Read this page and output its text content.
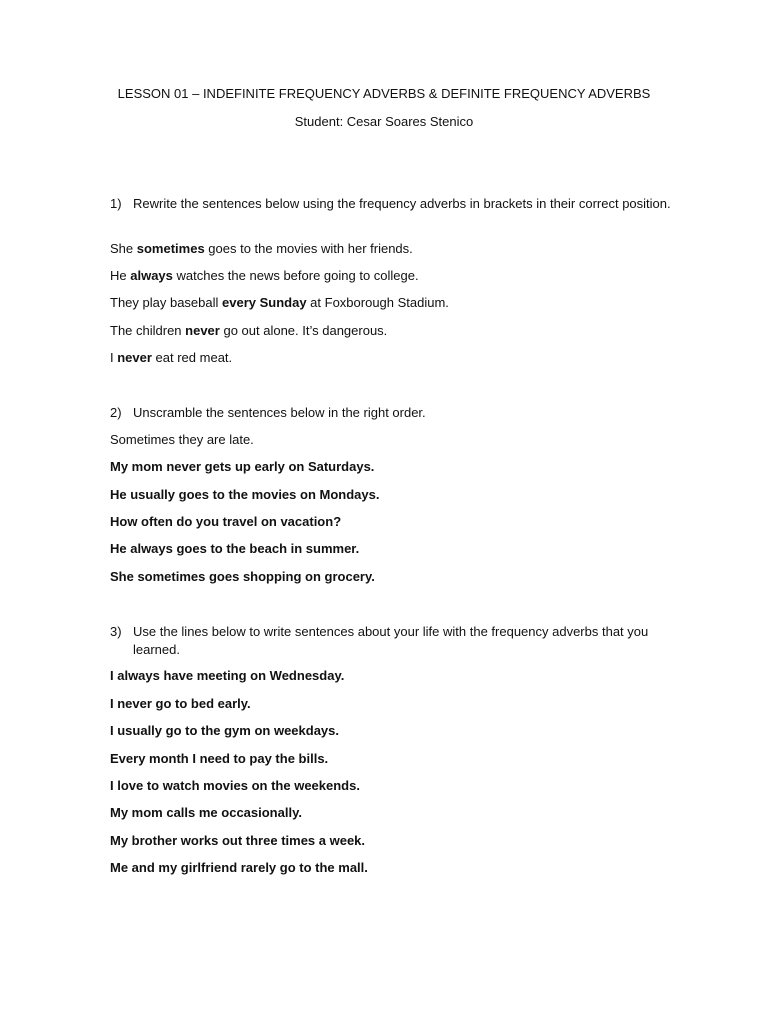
LESSON 01 – INDEFINITE FREQUENCY ADVERBS & DEFINITE FREQUENCY ADVERBS
Student: Cesar Soares Stenico
1) Rewrite the sentences below using the frequency adverbs in brackets in their correct position.
She sometimes goes to the movies with her friends.
He always watches the news before going to college.
They play baseball every Sunday at Foxborough Stadium.
The children never go out alone. It’s dangerous.
I never eat red meat.
2) Unscramble the sentences below in the right order.
Sometimes they are late.
My mom never gets up early on Saturdays.
He usually goes to the movies on Mondays.
How often do you travel on vacation?
He always goes to the beach in summer.
She sometimes goes shopping on grocery.
3) Use the lines below to write sentences about your life with the frequency adverbs that you learned.
I always have meeting on Wednesday.
I never go to bed early.
I usually go to the gym on weekdays.
Every month I need to pay the bills.
I love to watch movies on the weekends.
My mom calls me occasionally.
My brother works out three times a week.
Me and my girlfriend rarely go to the mall.
